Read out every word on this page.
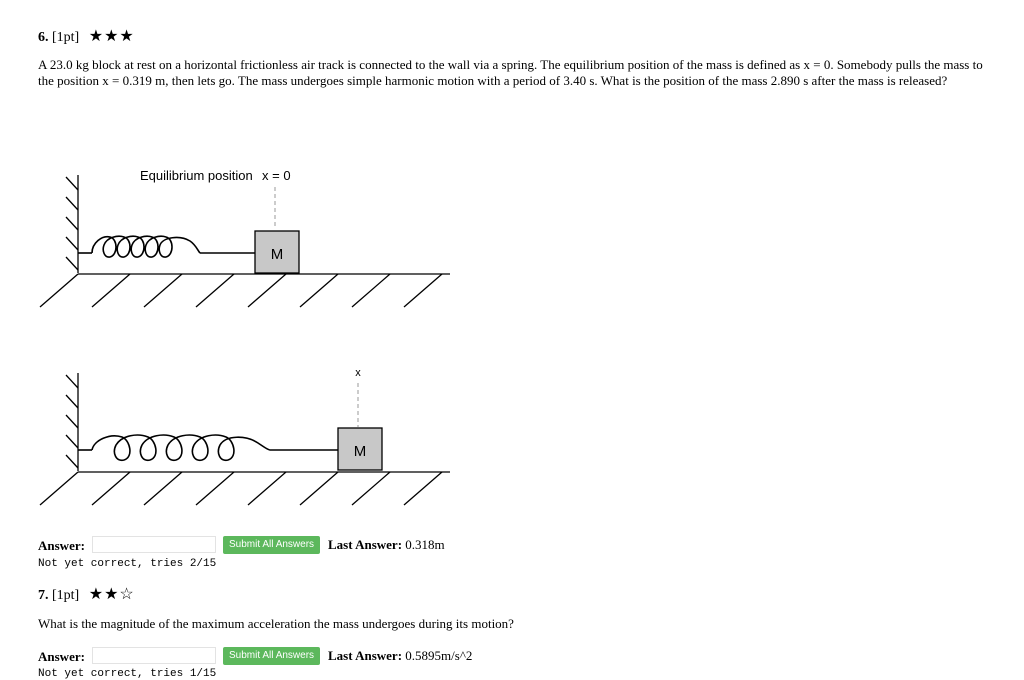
6. [1pt] ★★★
A 23.0 kg block at rest on a horizontal frictionless air track is connected to the wall via a spring. The equilibrium position of the mass is defined as x = 0. Somebody pulls the mass to the position x = 0.319 m, then lets go. The mass undergoes simple harmonic motion with a period of 3.40 s. What is the position of the mass 2.890 s after the mass is released?
Equilibrium position x = 0
M
x
M
Answer:	Submit All Answers	Last Answer: 0.318m
Not yet correct, tries 2/15
7. [1pt] ★★☆
What is the magnitude of the maximum acceleration the mass undergoes during its motion?
Answer:	Submit All Answers	Last Answer: 0.5895m/s^2
Not yet correct, tries 1/15
